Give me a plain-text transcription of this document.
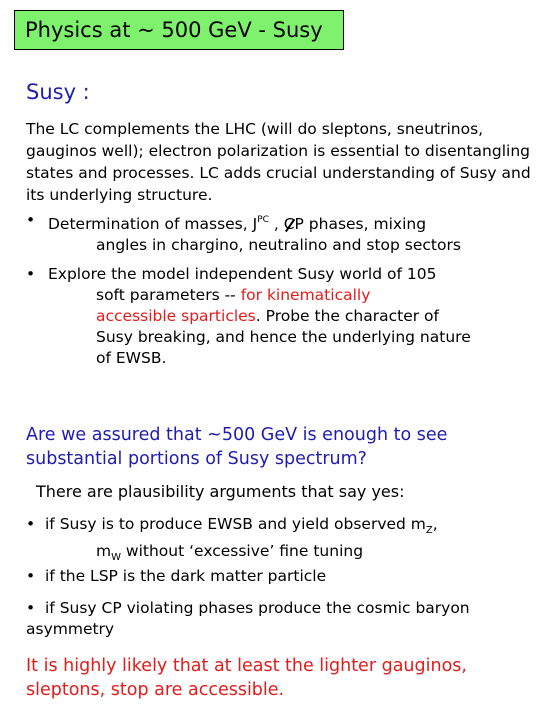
Physics at ~ 500 GeV - Susy
Susy :
The LC complements the LHC (will do sleptons, sneutrinos, gauginos well); electron polarization is essential to disentangling states and processes. LC adds crucial understanding of Susy and its underlying structure.
• Determination of masses, $J^{PC}$ , CP phases, mixing
angles in chargino, neutralino and stop sectors
• Explore the model independent Susy world of 105
soft parameters -- for kinematically
accessible sparticles. Probe the character of
Susy breaking, and hence the underlying nature
of EWSB.
Are we assured that ~500 GeV is enough to see substantial portions of Susy spectrum?
There are plausibility arguments that say yes:
•  if Susy is to produce EWSB and yield observed $m_Z$,
$m_W$ without ‘excessive’ fine tuning
•  if the LSP is the dark matter particle
•  if Susy CP violating phases produce the cosmic baryon
asymmetry
It is highly likely that at least the lighter gauginos, sleptons, stop are accessible.
